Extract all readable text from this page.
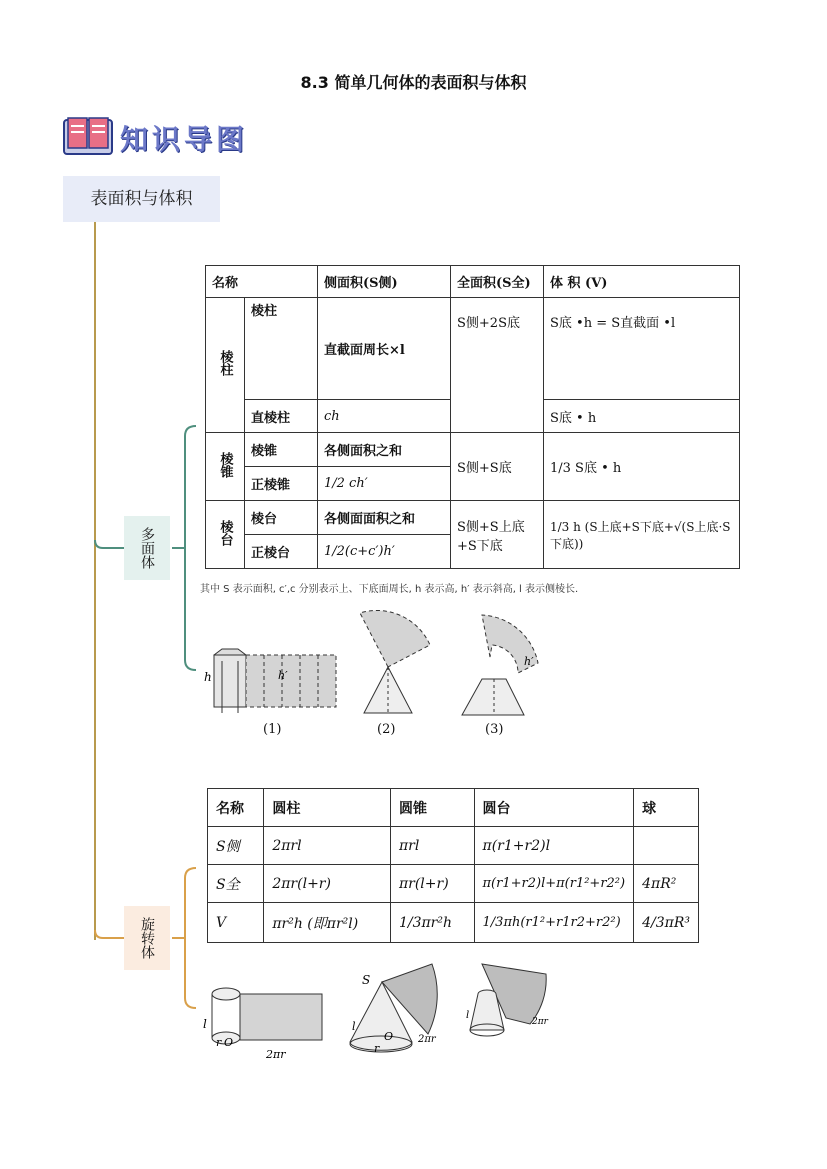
8.3 简单几何体的表面积与体积
知识导图
表面积与体积
多面体
旋转体
名称		侧面积(S侧)	全面积(S全)	体 积 (V)
棱柱	棱柱	直截面周长×l	S侧+2S底	S底 •h = S直截面 •l
	直棱柱	ch		S底 • h
棱锥	棱锥	各侧面积之和	S侧+S底	1/3 S底 • h
	正棱锥	1/2 ch′		
棱台	棱台	各侧面面积之和	S侧+S上底+S下底	1/3 h (S上底+S下底+√(S上底·S下底))
	正棱台	1/2(c+c′)h′		
其中 S 表示面积, c′,c 分别表示上、下底面周长, h 表示高, h′ 表示斜高, l 表示侧棱长.
h	h′
h′
(1)	(2)	(3)
名称	圆柱	圆锥	圆台	球
S侧	2πrl	πrl	π(r1+r2)l	
S全	2πr(l+r)	πr(l+r)	π(r1+r2)l+π(r1²+r2²)	4πR²
V	πr²h (即πr²l)	1/3πr²h	1/3πh(r1²+r1r2+r2²)	4/3πR³
l
r O
2πr
S
l
r
O 2πr
l
2πr
